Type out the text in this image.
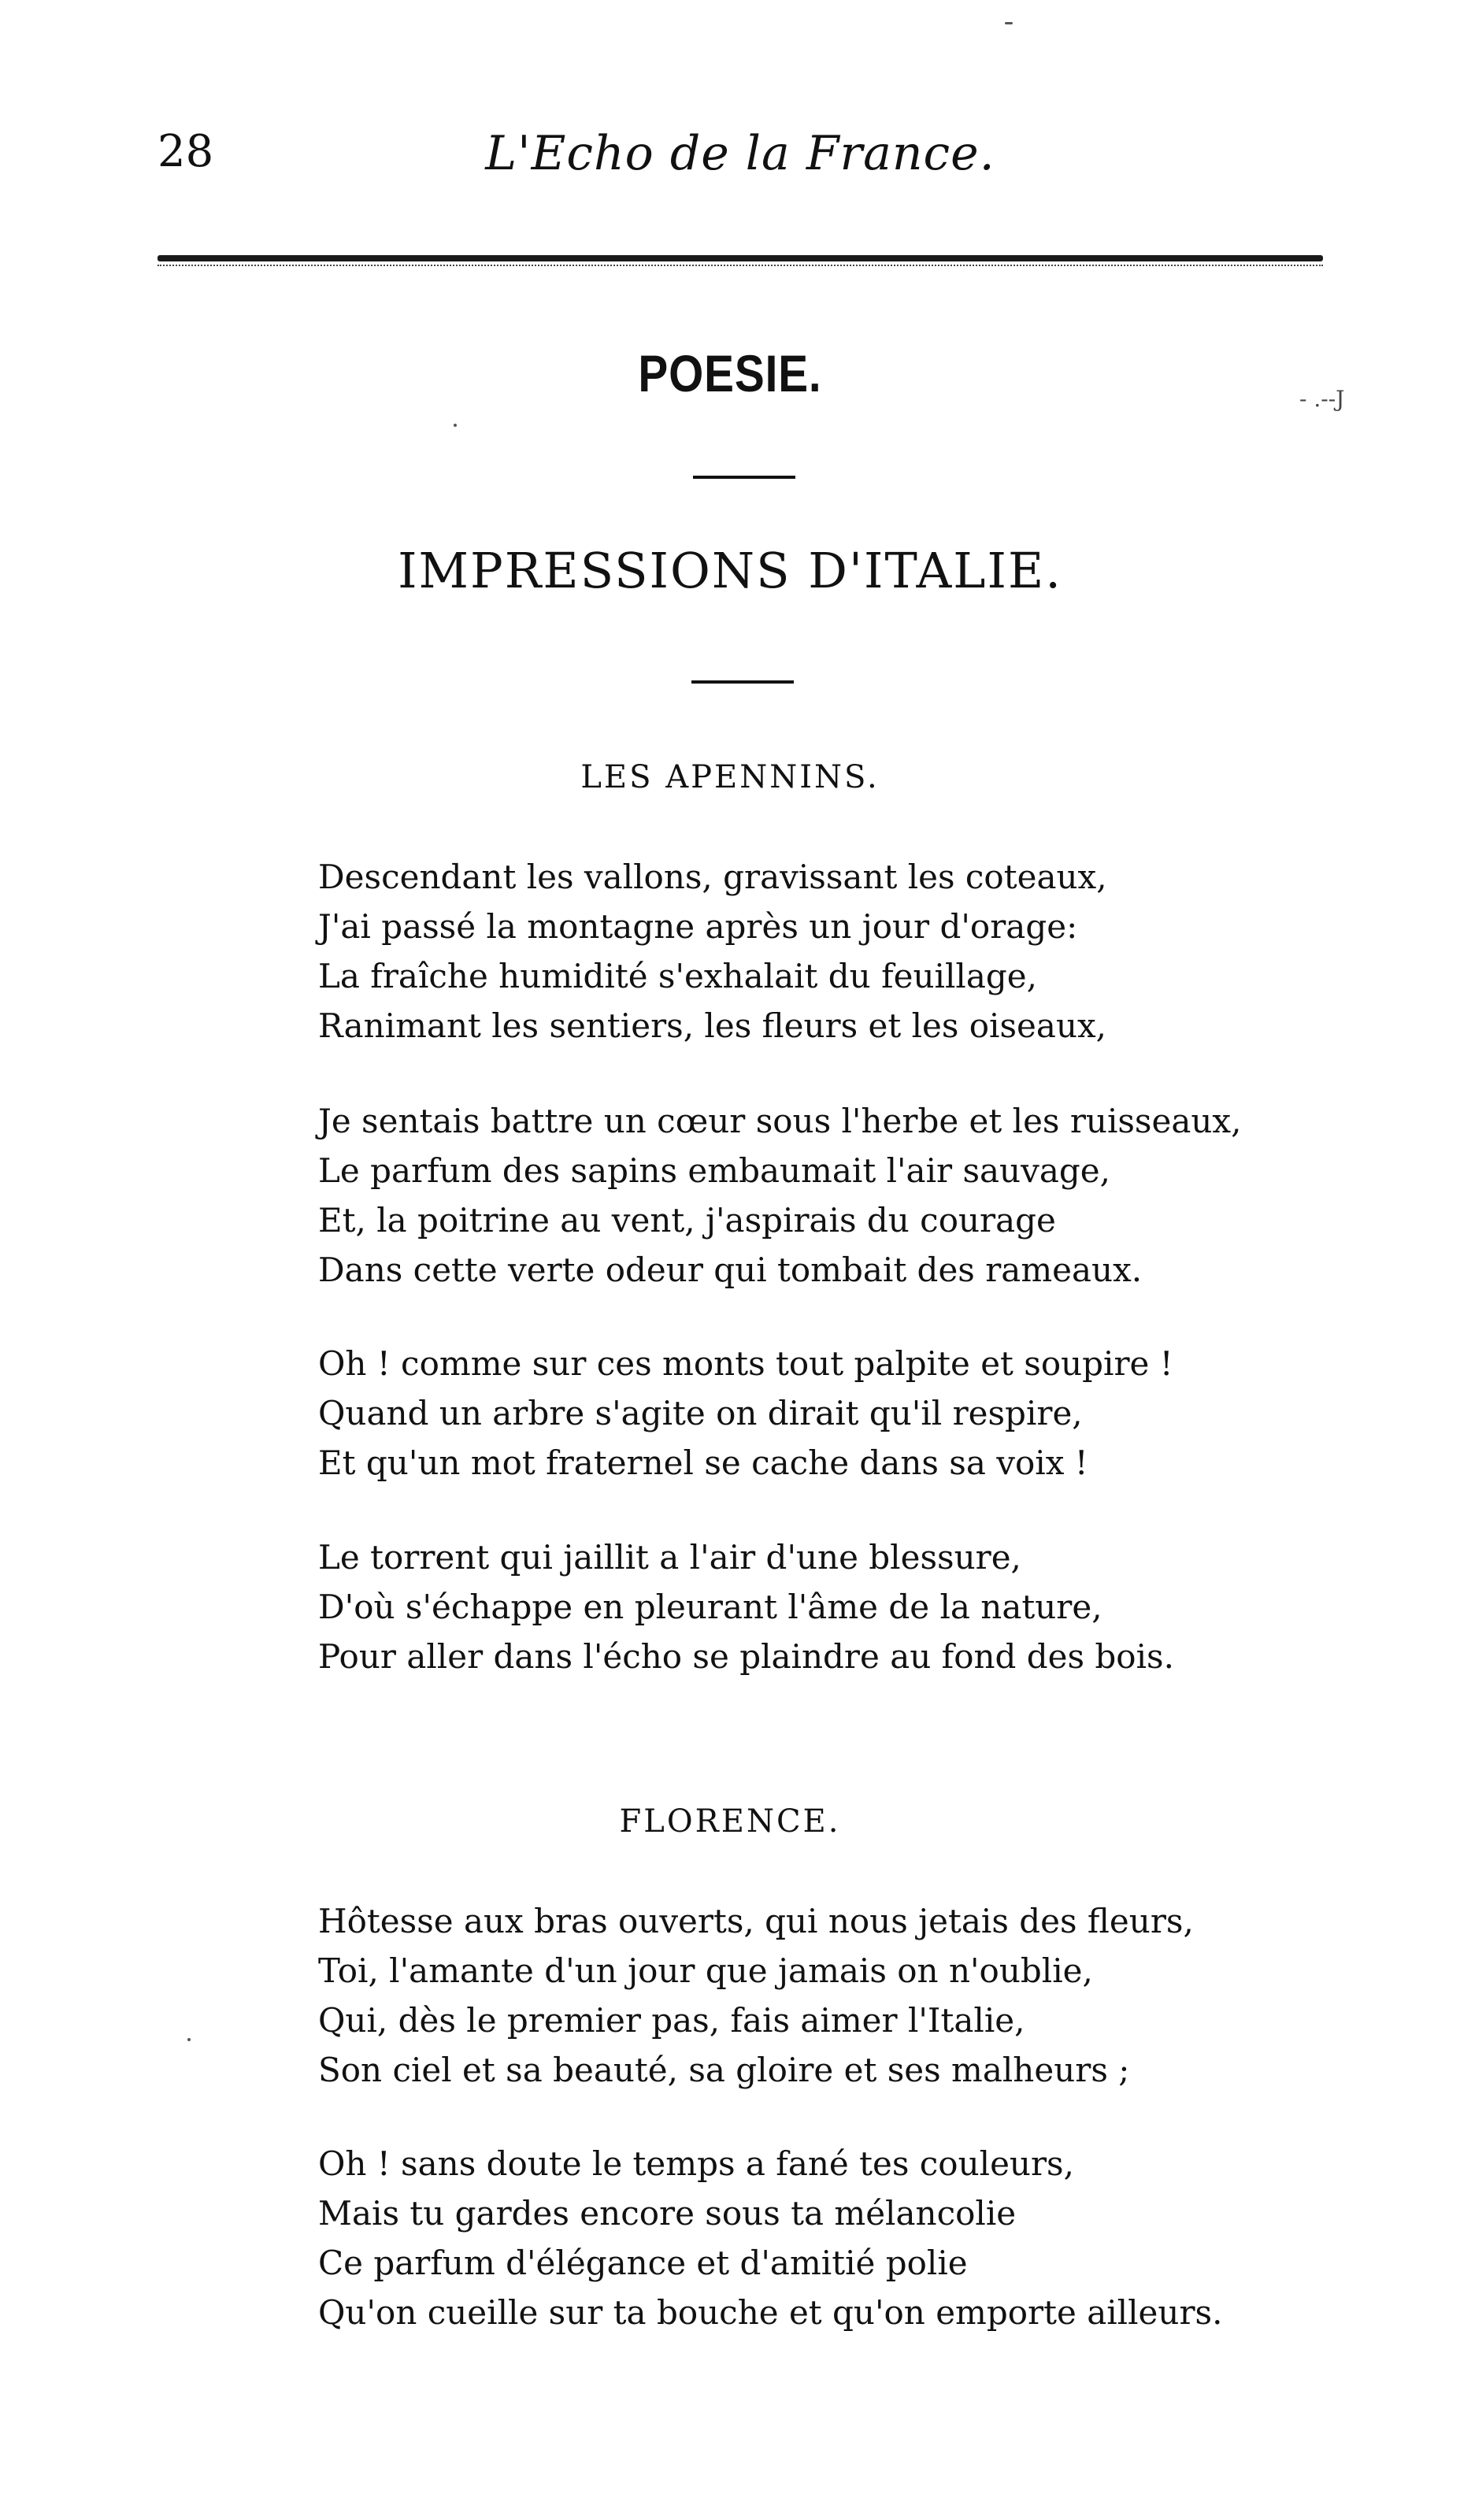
28	L'Echo de la France.
- .--J
POESIE.
IMPRESSIONS D'ITALIE.
LES APENNINS.
Descendant les vallons, gravissant les coteaux,
J'ai passé la montagne après un jour d'orage:
La fraîche humidité s'exhalait du feuillage,
Ranimant les sentiers, les fleurs et les oiseaux,
Je sentais battre un cœur sous l'herbe et les ruisseaux,
Le parfum des sapins embaumait l'air sauvage,
Et, la poitrine au vent, j'aspirais du courage
Dans cette verte odeur qui tombait des rameaux.
Oh ! comme sur ces monts tout palpite et soupire !
Quand un arbre s'agite on dirait qu'il respire,
Et qu'un mot fraternel se cache dans sa voix !
Le torrent qui jaillit a l'air d'une blessure,
D'où s'échappe en pleurant l'âme de la nature,
Pour aller dans l'écho se plaindre au fond des bois.
FLORENCE.
Hôtesse aux bras ouverts, qui nous jetais des fleurs,
Toi, l'amante d'un jour que jamais on n'oublie,
Qui, dès le premier pas, fais aimer l'Italie,
Son ciel et sa beauté, sa gloire et ses malheurs ;
Oh ! sans doute le temps a fané tes couleurs,
Mais tu gardes encore sous ta mélancolie
Ce parfum d'élégance et d'amitié polie
Qu'on cueille sur ta bouche et qu'on emporte ailleurs.
